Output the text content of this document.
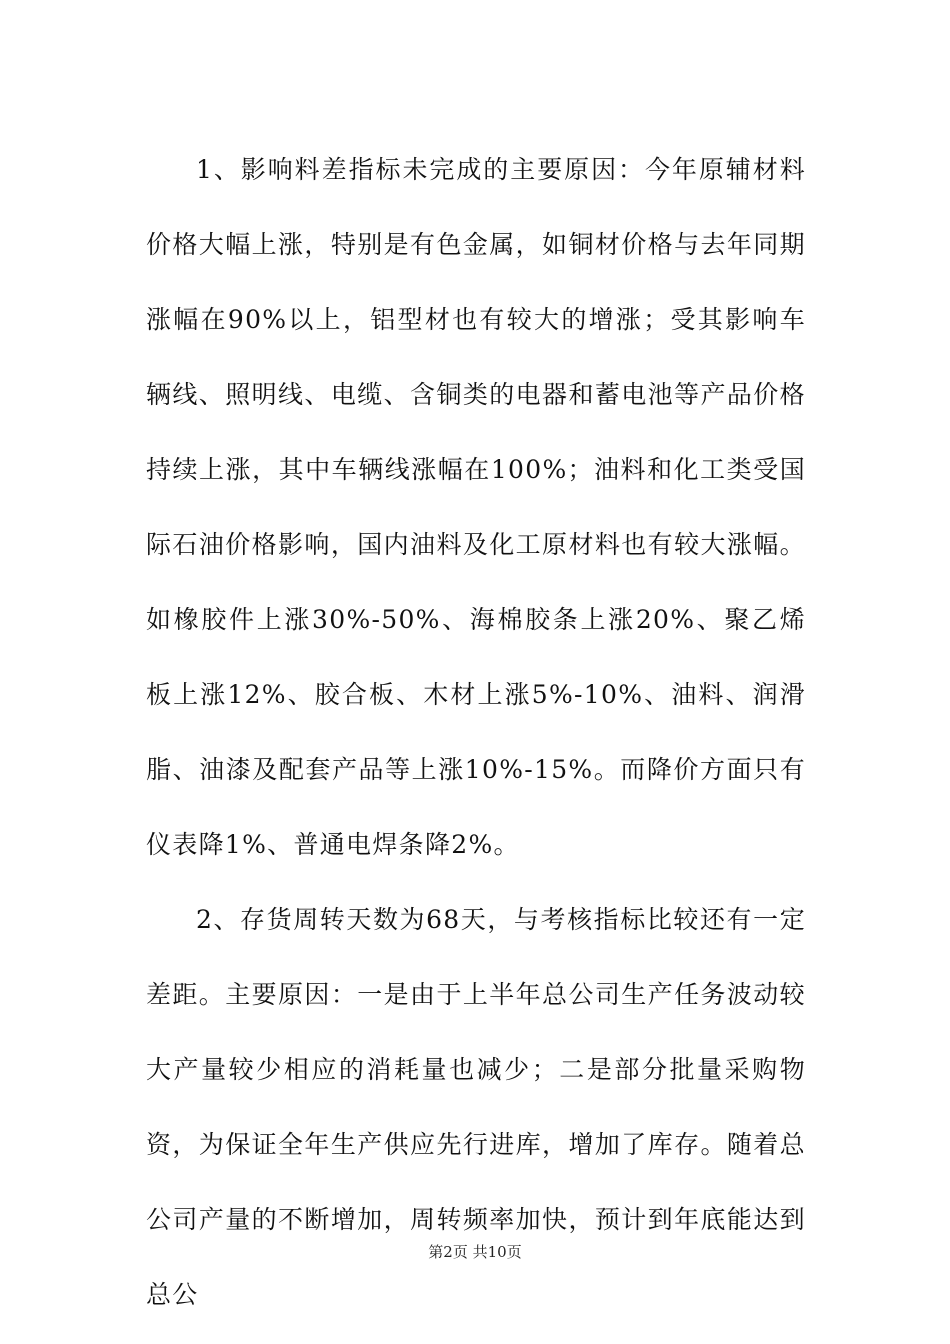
1、影响料差指标未完成的主要原因：今年原辅材料价格大幅上涨，特别是有色金属，如铜材价格与去年同期涨幅在90%以上，铝型材也有较大的增涨；受其影响车辆线、照明线、电缆、含铜类的电器和蓄电池等产品价格持续上涨，其中车辆线涨幅在100%；油料和化工类受国际石油价格影响，国内油料及化工原材料也有较大涨幅。如橡胶件上涨30%-50%、海棉胶条上涨20%、聚乙烯板上涨12%、胶合板、木材上涨5%-10%、油料、润滑脂、油漆及配套产品等上涨10%-15%。而降价方面只有仪表降1%、普通电焊条降2%。

2、存货周转天数为68天，与考核指标比较还有一定差距。主要原因：一是由于上半年总公司生产任务波动较大产量较少相应的消耗量也减少；二是部分批量采购物资，为保证全年生产供应先行进库，增加了库存。随着总公司产量的不断增加，周转频率加快，预计到年底能达到总公

第2页 共10页
